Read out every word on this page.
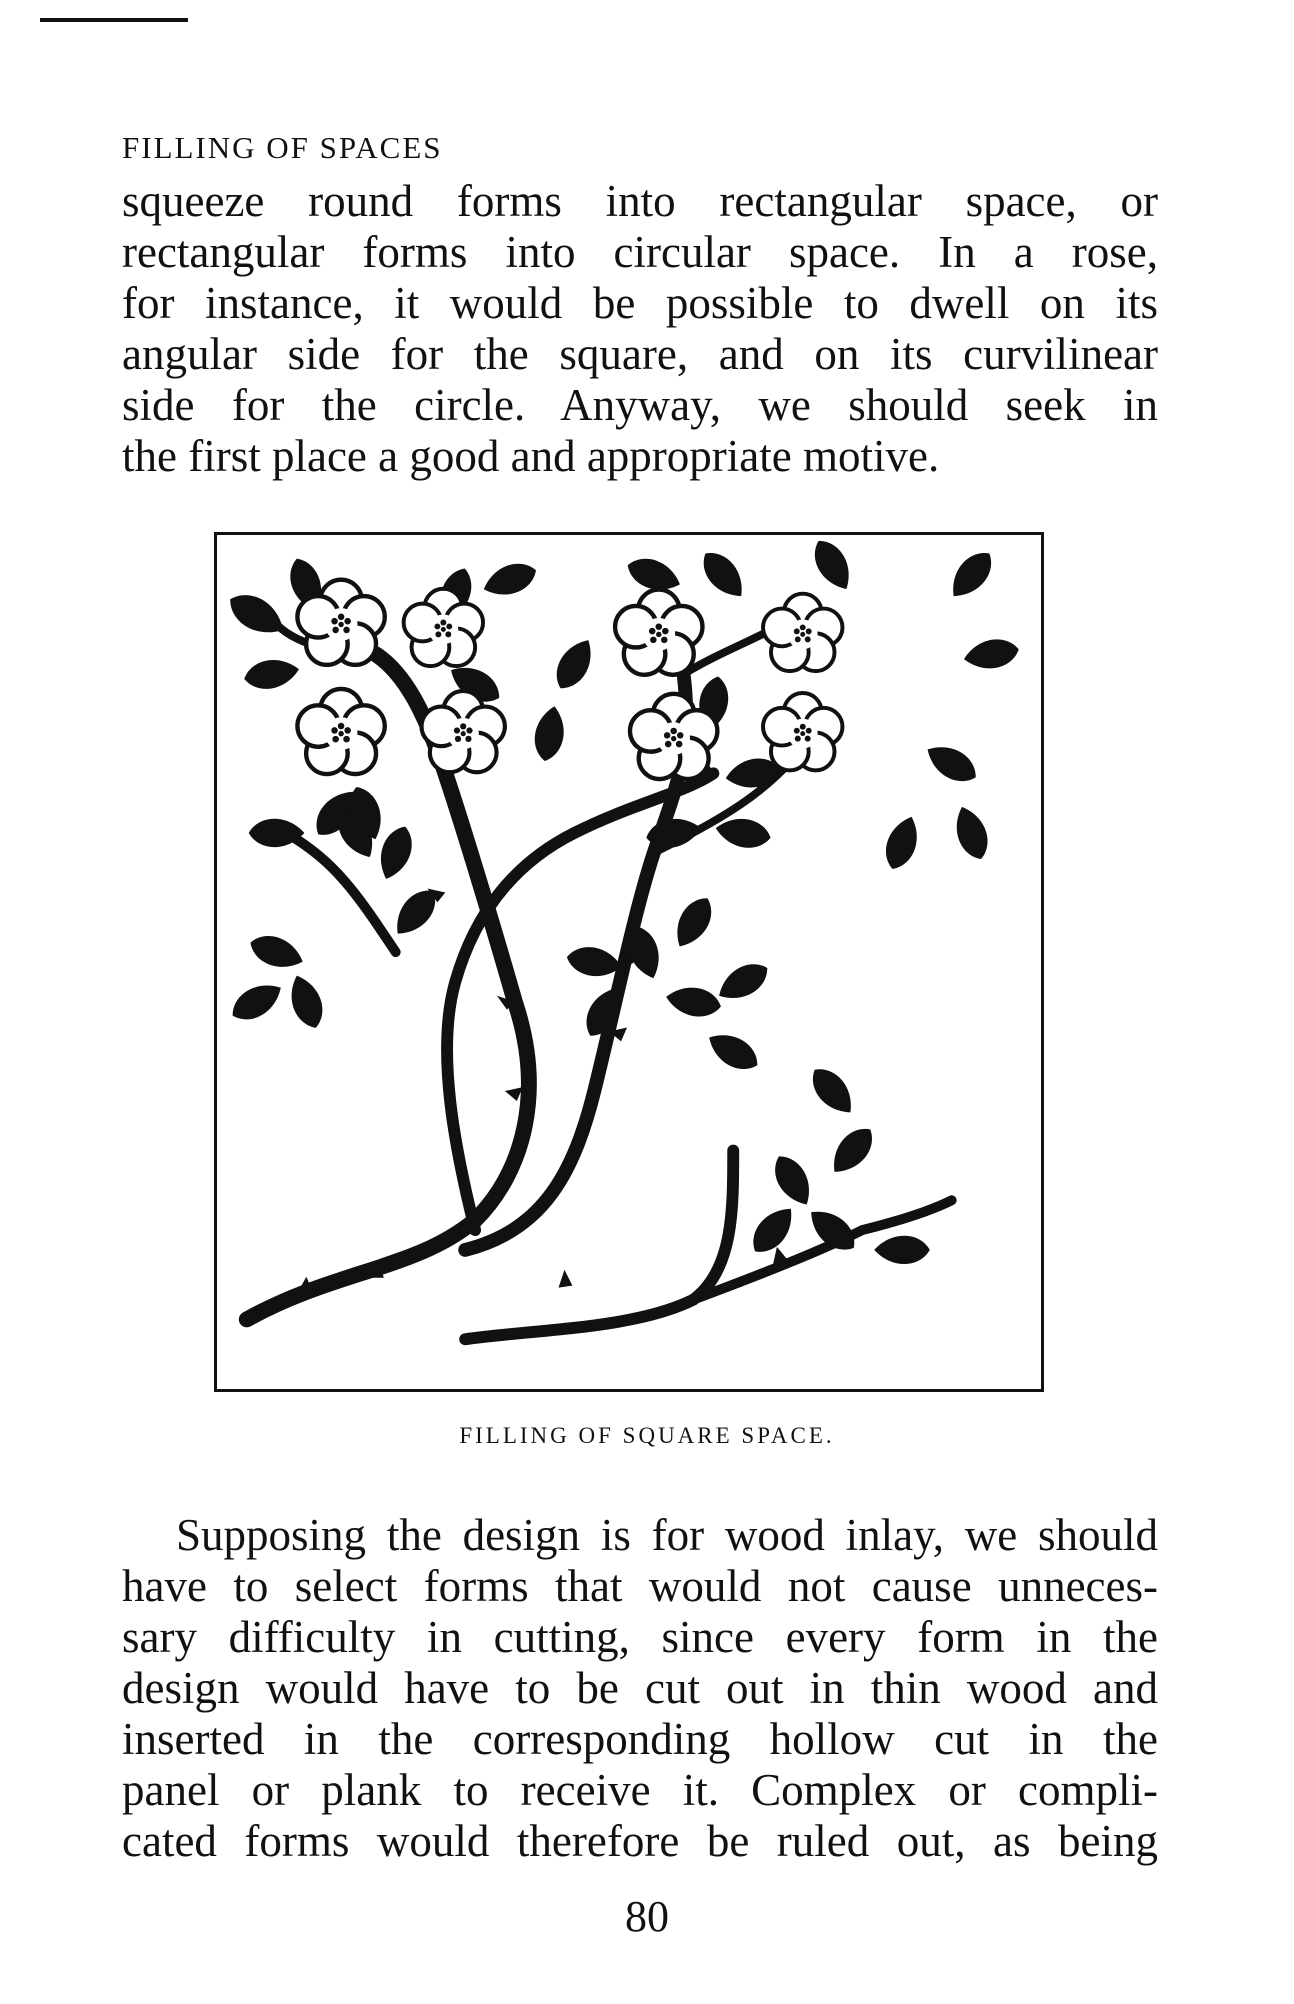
FILLING OF SPACES
squeeze round forms into rectangular space, or
rectangular forms into circular space. In a rose,
for instance, it would be possible to dwell on its
angular side for the square, and on its curvilinear
side for the circle. Anyway, we should seek in
the first place a good and appropriate motive.
FILLING OF SQUARE SPACE.
Supposing the design is for wood inlay, we should
have to select forms that would not cause unneces-
sary difficulty in cutting, since every form in the
design would have to be cut out in thin wood and
inserted in the corresponding hollow cut in the
panel or plank to receive it. Complex or compli-
cated forms would therefore be ruled out, as being
80
